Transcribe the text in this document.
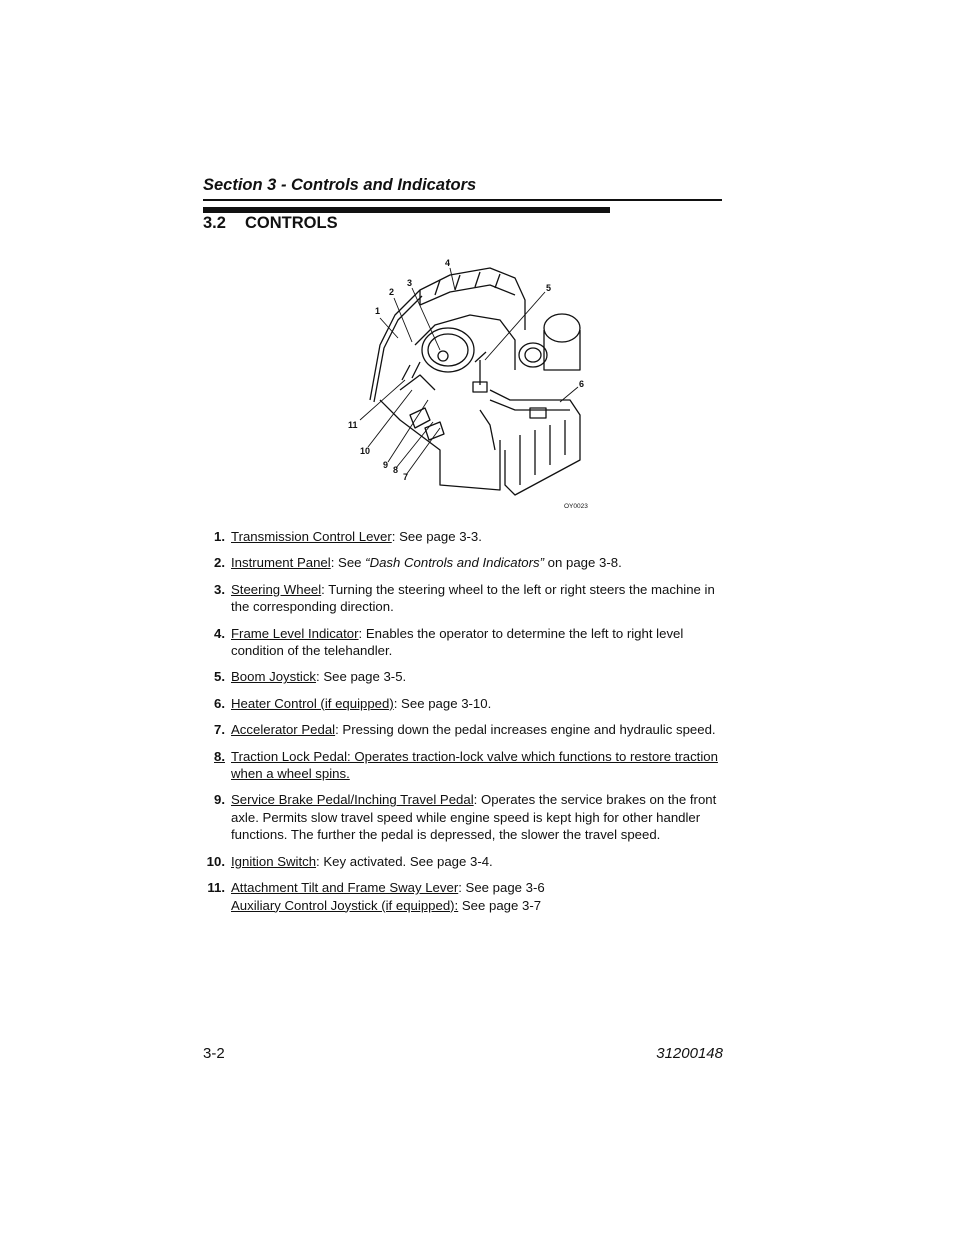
Section 3 - Controls and Indicators

3.2 CONTROLS
1
2
3
4
5
6
7
8
9
10
11
OY0023
1. Transmission Control Lever: See page 3-3.
2. Instrument Panel: See “Dash Controls and Indicators” on page 3-8.
3. Steering Wheel: Turning the steering wheel to the left or right steers the machine in the corresponding direction.
4. Frame Level Indicator: Enables the operator to determine the left to right level condition of the telehandler.
5. Boom Joystick: See page 3-5.
6. Heater Control (if equipped): See page 3-10.
7. Accelerator Pedal: Pressing down the pedal increases engine and hydraulic speed.
8. Traction Lock Pedal: Operates traction-lock valve which functions to restore traction when a wheel spins.
9. Service Brake Pedal/Inching Travel Pedal: Operates the service brakes on the front axle. Permits slow travel speed while engine speed is kept high for other handler functions. The further the pedal is depressed, the slower the travel speed.
10. Ignition Switch: Key activated. See page 3-4.
11. Attachment Tilt and Frame Sway Lever: See page 3-6
Auxiliary Control Joystick (if equipped): See page 3-7
3-2	31200148
